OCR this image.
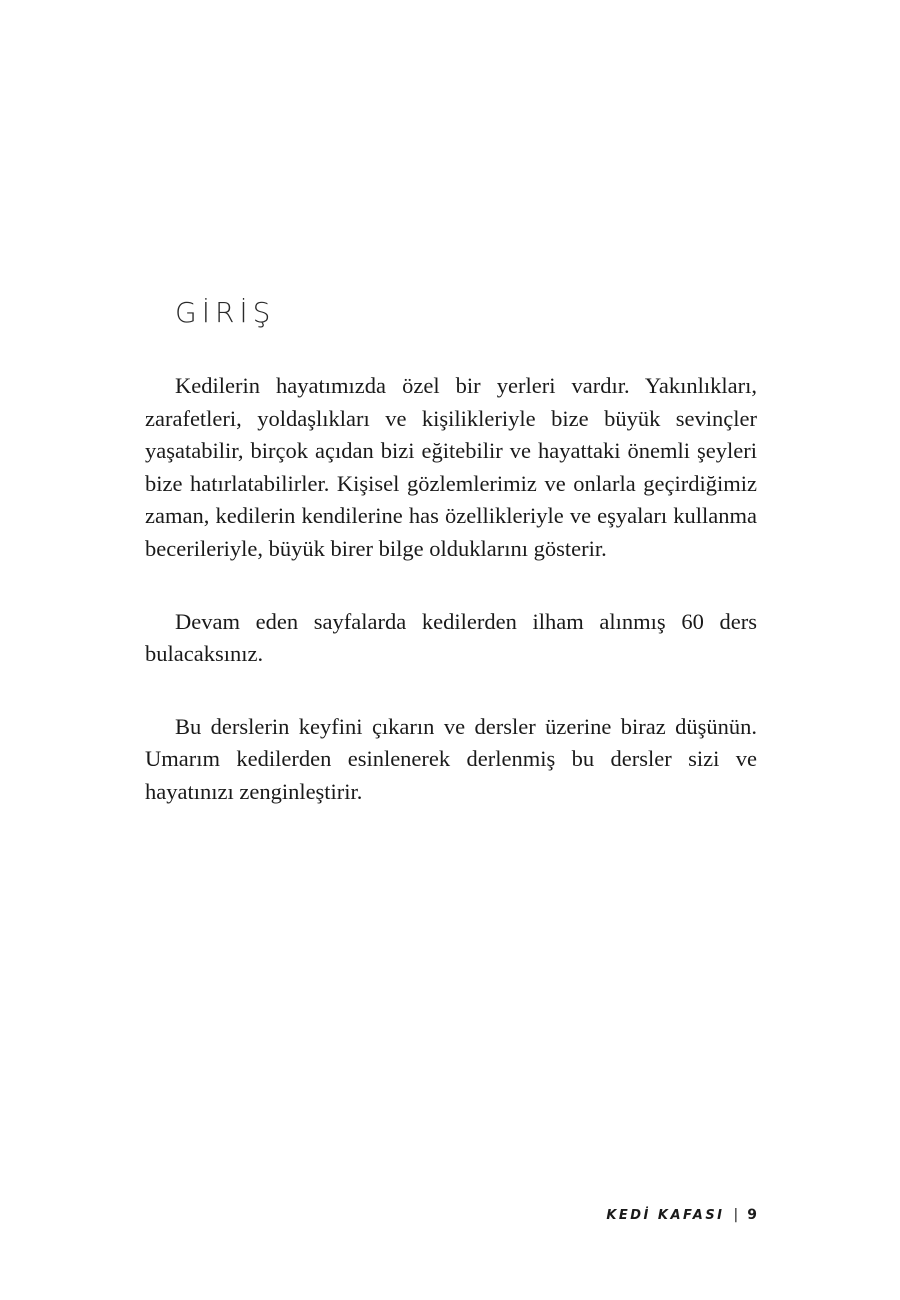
GİRİŞ

Kedilerin hayatımızda özel bir yerleri vardır. Yakınlıkları, zarafetleri, yoldaşlıkları ve kişilikleriyle bize büyük sevinçler yaşatabilir, birçok açıdan bizi eğitebilir ve hayattaki önemli şeyleri bize hatırlatabilirler. Kişisel gözlemlerimiz ve onlarla geçirdiğimiz zaman, kedilerin kendilerine has özellikleriyle ve eşyaları kullanma becerileriyle, büyük birer bilge olduklarını gösterir.

Devam eden sayfalarda kedilerden ilham alınmış 60 ders bulacaksınız.

Bu derslerin keyfini çıkarın ve dersler üzerine biraz düşünün. Umarım kedilerden esinlenerek derlenmiş bu dersler sizi ve hayatınızı zenginleştirir.

KEDİ KAFASI | 9
